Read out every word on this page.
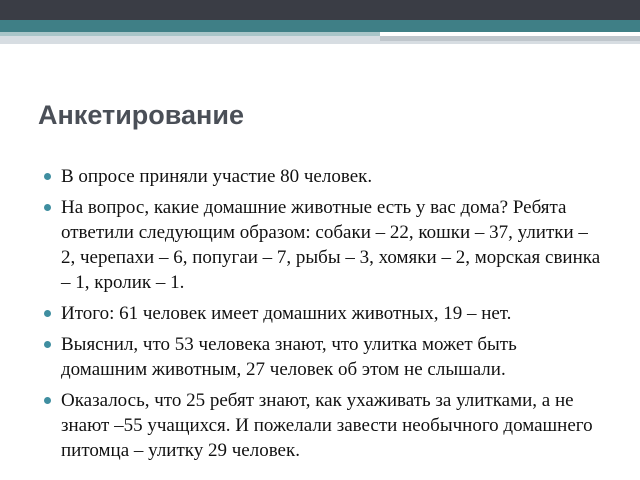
Анкетирование
В опросе приняли участие 80 человек.
На вопрос, какие домашние животные есть у вас дома? Ребята ответили следующим образом: собаки – 22, кошки – 37, улитки – 2, черепахи – 6, попугаи – 7, рыбы – 3, хомяки – 2, морская свинка – 1, кролик – 1.
Итого: 61 человек имеет домашних животных, 19 – нет.
Выяснил, что 53 человека знают, что улитка может быть домашним животным, 27 человек об этом не слышали.
Оказалось, что 25 ребят знают, как ухаживать за улитками, а не знают –55 учащихся. И пожелали завести необычного домашнего питомца – улитку 29 человек.
